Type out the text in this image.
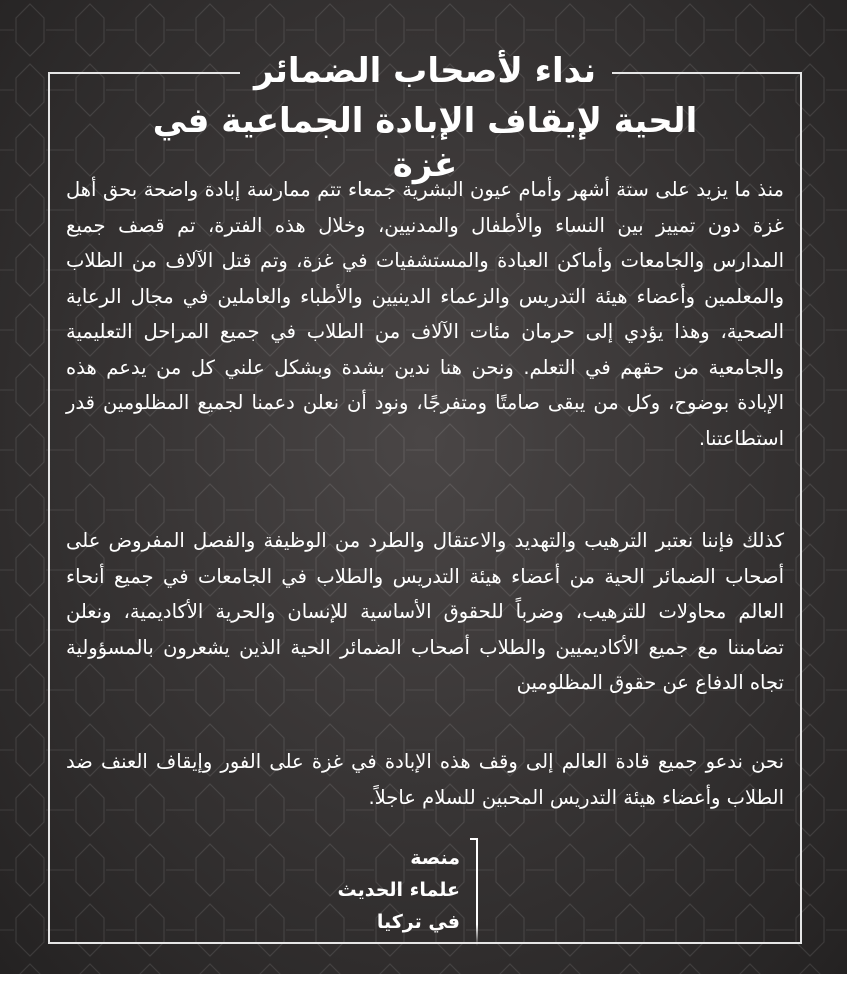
نداء لأصحاب الضمائر
الحية لإيقاف الإبادة الجماعية في غزة
منذ ما يزيد على ستة أشهر وأمام عيون البشرية جمعاء تتم ممارسة إبادة واضحة بحق أهل غزة دون تمييز بين النساء والأطفال والمدنيين، وخلال هذه الفترة، تم قصف جميع المدارس والجامعات وأماكن العبادة والمستشفيات في غزة، وتم قتل الآلاف من الطلاب والمعلمين وأعضاء هيئة التدريس والزعماء الدينيين والأطباء والعاملين في مجال الرعاية الصحية، وهذا يؤدي إلى حرمان مئات الآلاف من الطلاب في جميع المراحل التعليمية والجامعية من حقهم في التعلم. ونحن هنا ندين بشدة وبشكل علني كل من يدعم هذه الإبادة بوضوح، وكل من يبقى صامتًا ومتفرجًا، ونود أن نعلن دعمنا لجميع المظلومين قدر استطاعتنا.
كذلك فإننا نعتبر الترهيب والتهديد والاعتقال والطرد من الوظيفة والفصل المفروض على أصحاب الضمائر الحية من أعضاء هيئة التدريس والطلاب في الجامعات في جميع أنحاء العالم محاولات للترهيب، وضرباً للحقوق الأساسية للإنسان والحرية الأكاديمية، ونعلن تضامننا مع جميع الأكاديميين والطلاب أصحاب الضمائر الحية الذين يشعرون بالمسؤولية تجاه الدفاع عن حقوق المظلومين
نحن ندعو جميع قادة العالم إلى وقف هذه الإبادة في غزة على الفور وإيقاف العنف ضد الطلاب وأعضاء هيئة التدريس المحبين للسلام عاجلاً.
منصة
علماء الحديث
في تركيا
